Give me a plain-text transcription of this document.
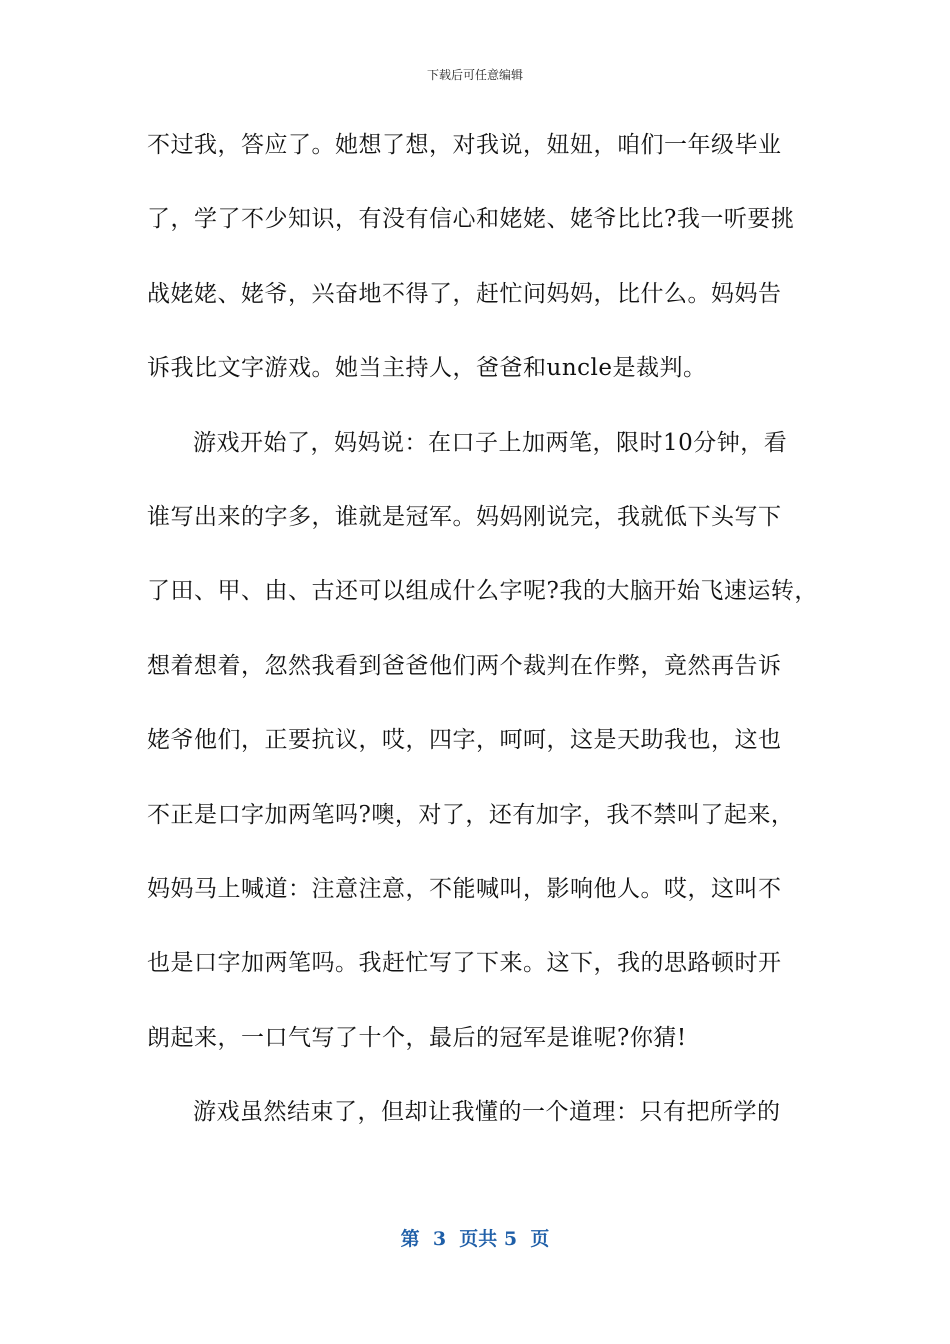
下载后可任意编辑
不过我，答应了。她想了想，对我说，妞妞，咱们一年级毕业
了，学了不少知识，有没有信心和姥姥、姥爷比比?我一听要挑
战姥姥、姥爷，兴奋地不得了，赶忙问妈妈，比什么。妈妈告
诉我比文字游戏。她当主持人，爸爸和uncle是裁判。
游戏开始了，妈妈说：在口子上加两笔，限时10分钟，看
谁写出来的字多，谁就是冠军。妈妈刚说完，我就低下头写下
了田、甲、由、古还可以组成什么字呢?我的大脑开始飞速运转，
想着想着，忽然我看到爸爸他们两个裁判在作弊，竟然再告诉
姥爷他们，正要抗议，哎，四字，呵呵，这是天助我也，这也
不正是口字加两笔吗?噢，对了，还有加字，我不禁叫了起来，
妈妈马上喊道：注意注意，不能喊叫，影响他人。哎，这叫不
也是口字加两笔吗。我赶忙写了下来。这下，我的思路顿时开
朗起来，一口气写了十个，最后的冠军是谁呢?你猜!
游戏虽然结束了，但却让我懂的一个道理：只有把所学的
第  3  页共 5  页
